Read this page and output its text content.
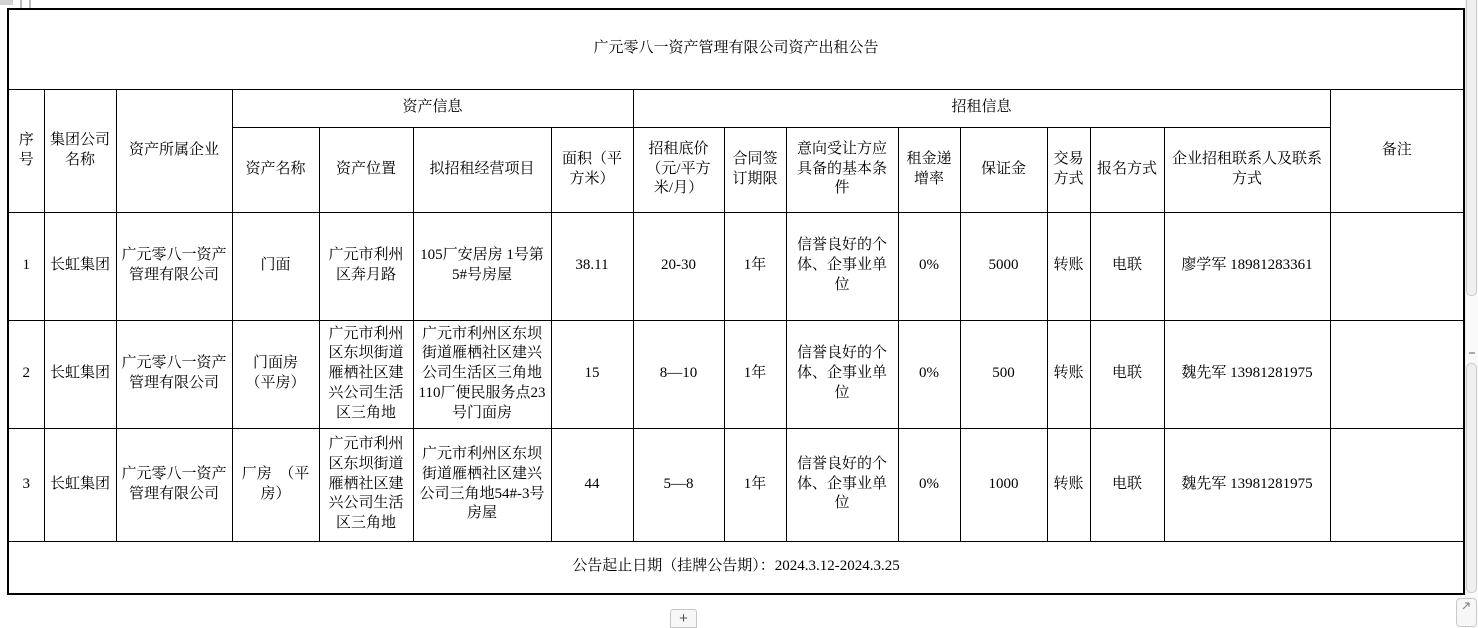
广元零八一资产管理有限公司资产出租公告															
序号	集团公司名称	资产所属企业	资产信息				招租信息								备注
			资产名称	资产位置	拟招租经营项目	面积（平方米）	招租底价（元/平方米/月）	合同签订期限	意向受让方应具备的基本条件	租金递增率	保证金	交易方式	报名方式	企业招租联系人及联系方式	
1	长虹集团	广元零八一资产管理有限公司	门面	广元市利州区奔月路	105厂安居房 1号第 5#号房屋	38.11	20-30	1年	信誉良好的个体、企事业单位	0%	5000	转账	电联	廖学军 18981283361	
2	长虹集团	广元零八一资产管理有限公司	门面房 （平房）	广元市利州区东坝街道雁栖社区建兴公司生活区三角地	广元市利州区东坝街道雁栖社区建兴公司生活区三角地110厂便民服务点23号门面房	15	8—10	1年	信誉良好的个体、企事业单位	0%	500	转账	电联	魏先军 13981281975	
3	长虹集团	广元零八一资产管理有限公司	厂房　（平房）	广元市利州区东坝街道雁栖社区建兴公司生活区三角地	广元市利州区东坝街道雁栖社区建兴公司三角地54#-3号房屋	44	5—8	1年	信誉良好的个体、企事业单位	0%	1000	转账	电联	魏先军 13981281975	
公告起止日期（挂牌公告期）：2024.3.12-2024.3.25															
+
